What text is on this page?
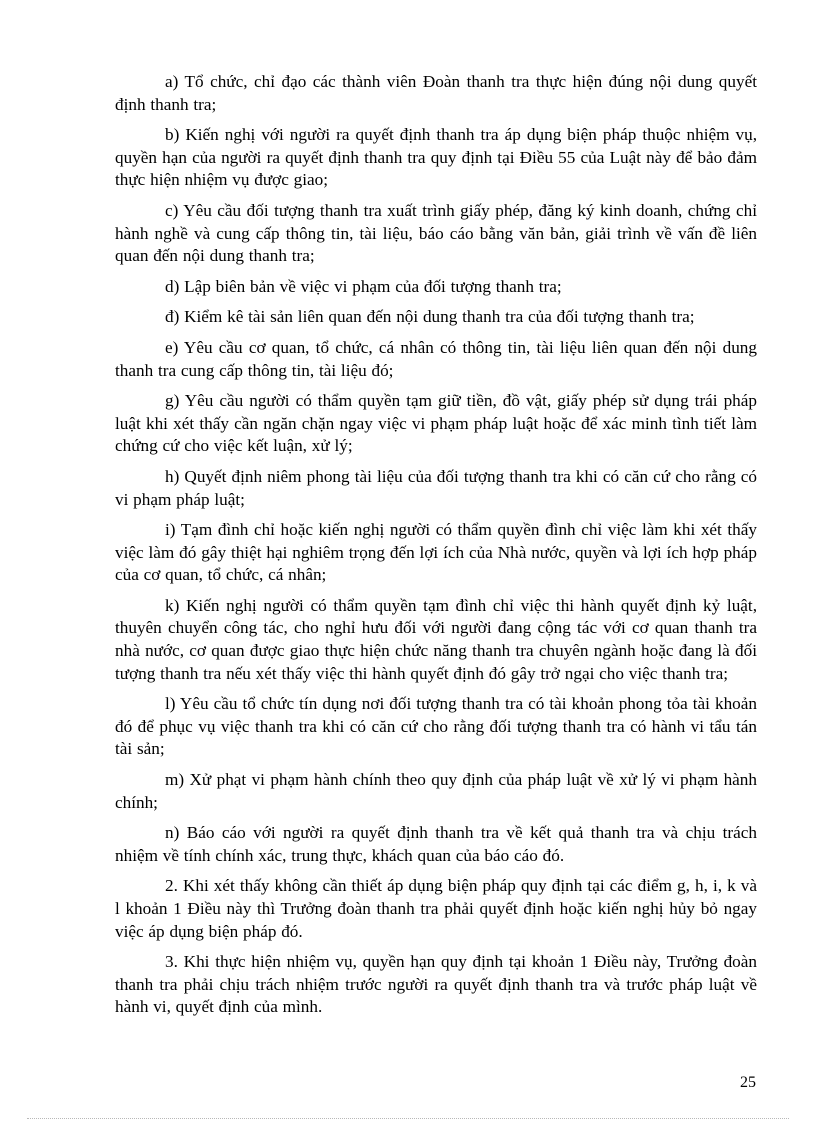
a) Tổ chức, chỉ đạo các thành viên Đoàn thanh tra thực hiện đúng nội dung quyết định thanh tra;

b) Kiến nghị với người ra quyết định thanh tra áp dụng biện pháp thuộc nhiệm vụ, quyền hạn của người ra quyết định thanh tra quy định tại Điều 55 của Luật này để bảo đảm thực hiện nhiệm vụ được giao;

c) Yêu cầu đối tượng thanh tra xuất trình giấy phép, đăng ký kinh doanh, chứng chỉ hành nghề và cung cấp thông tin, tài liệu, báo cáo bằng văn bản, giải trình về vấn đề liên quan đến nội dung thanh tra;

d) Lập biên bản về việc vi phạm của đối tượng thanh tra;

đ) Kiểm kê tài sản liên quan đến nội dung thanh tra của đối tượng thanh tra;

e) Yêu cầu cơ quan, tổ chức, cá nhân có thông tin, tài liệu liên quan đến nội dung thanh tra cung cấp thông tin, tài liệu đó;

g) Yêu cầu người có thẩm quyền tạm giữ tiền, đồ vật, giấy phép sử dụng trái pháp luật khi xét thấy cần ngăn chặn ngay việc vi phạm pháp luật hoặc để xác minh tình tiết làm chứng cứ cho việc kết luận, xử lý;

h) Quyết định niêm phong tài liệu của đối tượng thanh tra khi có căn cứ cho rằng có vi phạm pháp luật;

i) Tạm đình chỉ hoặc kiến nghị người có thẩm quyền đình chỉ việc làm khi xét thấy việc làm đó gây thiệt hại nghiêm trọng đến lợi ích của Nhà nước, quyền và lợi ích hợp pháp của cơ quan, tổ chức, cá nhân;

k) Kiến nghị người có thẩm quyền tạm đình chỉ việc thi hành quyết định kỷ luật, thuyên chuyển công tác, cho nghỉ hưu đối với người đang cộng tác với cơ quan thanh tra nhà nước, cơ quan được giao thực hiện chức năng thanh tra chuyên ngành hoặc đang là đối tượng thanh tra nếu xét thấy việc thi hành quyết định đó gây trở ngại cho việc thanh tra;

l) Yêu cầu tổ chức tín dụng nơi đối tượng thanh tra có tài khoản phong tỏa tài khoản đó để phục vụ việc thanh tra khi có căn cứ cho rằng đối tượng thanh tra có hành vi tẩu tán tài sản;

m) Xử phạt vi phạm hành chính theo quy định của pháp luật về xử lý vi phạm hành chính;

n) Báo cáo với người ra quyết định thanh tra về kết quả thanh tra và chịu trách nhiệm về tính chính xác, trung thực, khách quan của báo cáo đó.

2. Khi xét thấy không cần thiết áp dụng biện pháp quy định tại các điểm g, h, i, k và l khoản 1 Điều này thì Trưởng đoàn thanh tra phải quyết định hoặc kiến nghị hủy bỏ ngay việc áp dụng biện pháp đó.

3. Khi thực hiện nhiệm vụ, quyền hạn quy định tại khoản 1 Điều này, Trưởng đoàn thanh tra phải chịu trách nhiệm trước người ra quyết định thanh tra và trước pháp luật về hành vi, quyết định của mình.

25
